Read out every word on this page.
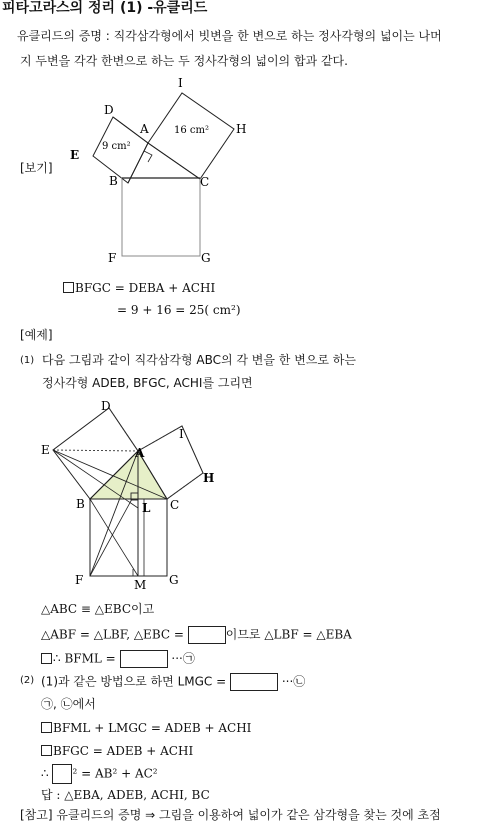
피타고라스의 정리 (1) -유클리드
유클리드의 증명 : 직각삼각형에서 빗변을 한 변으로 하는 정사각형의 넓이는 나머
지 두변을 각각 한변으로 하는 두 정사각형의 넓이의 합과 같다.
D
I
A	H
E
B	C
F	G
9 cm²
16 cm²
[보기]
BFGC = DEBA + ACHI
= 9 + 16 = 25( cm²)
[예제]
(1) 다음 그림과 같이 직각삼각형 ABC의 각 변을 한 변으로 하는
정사각형 ADEB, BFGC, ACHI를 그리면
D
E	A
I
H
B	L C
F	M G
△ABC ≡ △EBC이고
△ABF = △LBF, △EBC =	이므로 △LBF = △EBA
∴ BFML =	···㉠
(2) (1)과 같은 방법으로 하면 LMGC =	···㉡
㉠, ㉡에서
BFML + LMGC = ADEB + ACHI
BFGC = ADEB + ACHI
∴ ² = AB² + AC²
답 : △EBA, ADEB, ACHI, BC
[참고] 유클리드의 증명 ⇒ 그림을 이용하여 넓이가 같은 삼각형을 찾는 것에 초점
